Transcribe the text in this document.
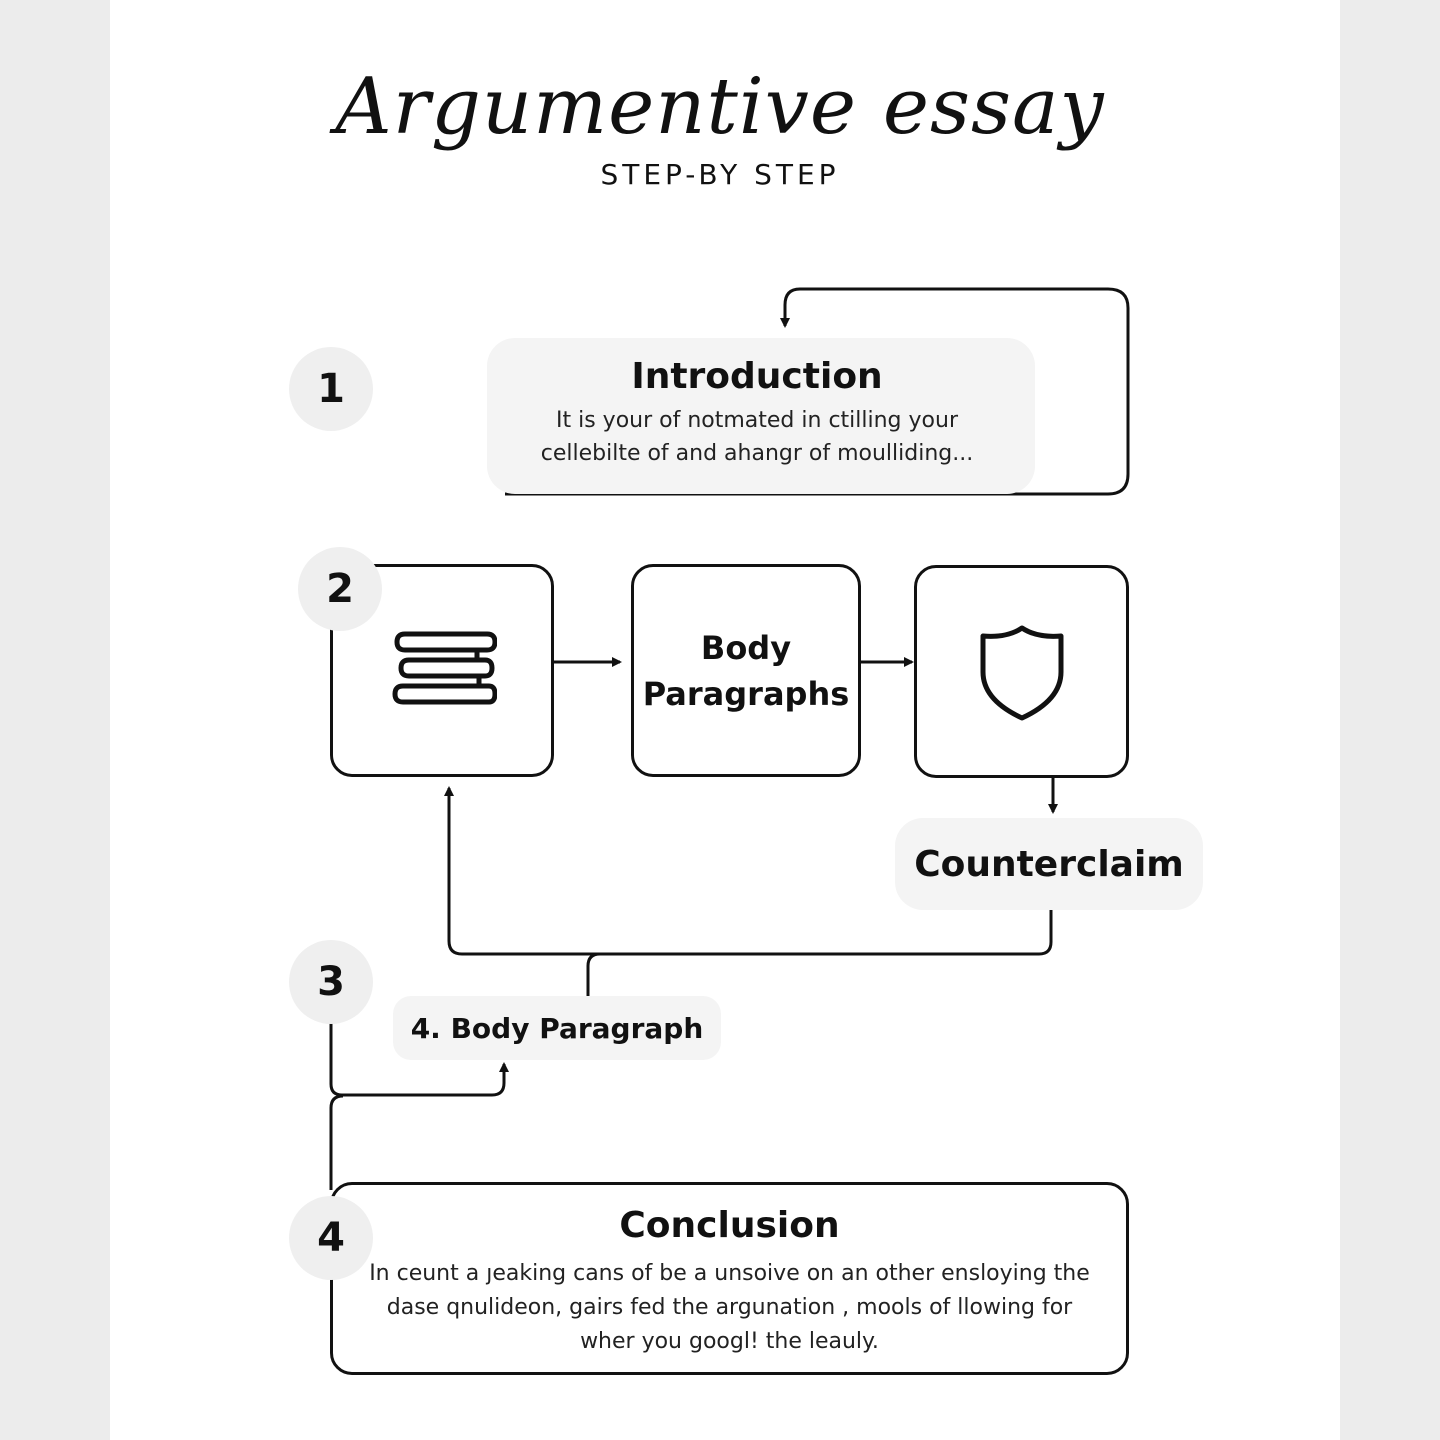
Argumentive essay
STEP-BY STEP
1	Introduction
It is your of notmated in ctilling your
cellebilte of and ahangr of moulliding...
2
Body
Paragraphs
Counterclaim
3
4. Body Paragraph
Conclusion
In ceunt a ȷeaking cans of be a unsoive on an other ensloying the
dase qnulideon, gairs fed the argunation , mools of llowing for
wher you googl! the leauly.
4
